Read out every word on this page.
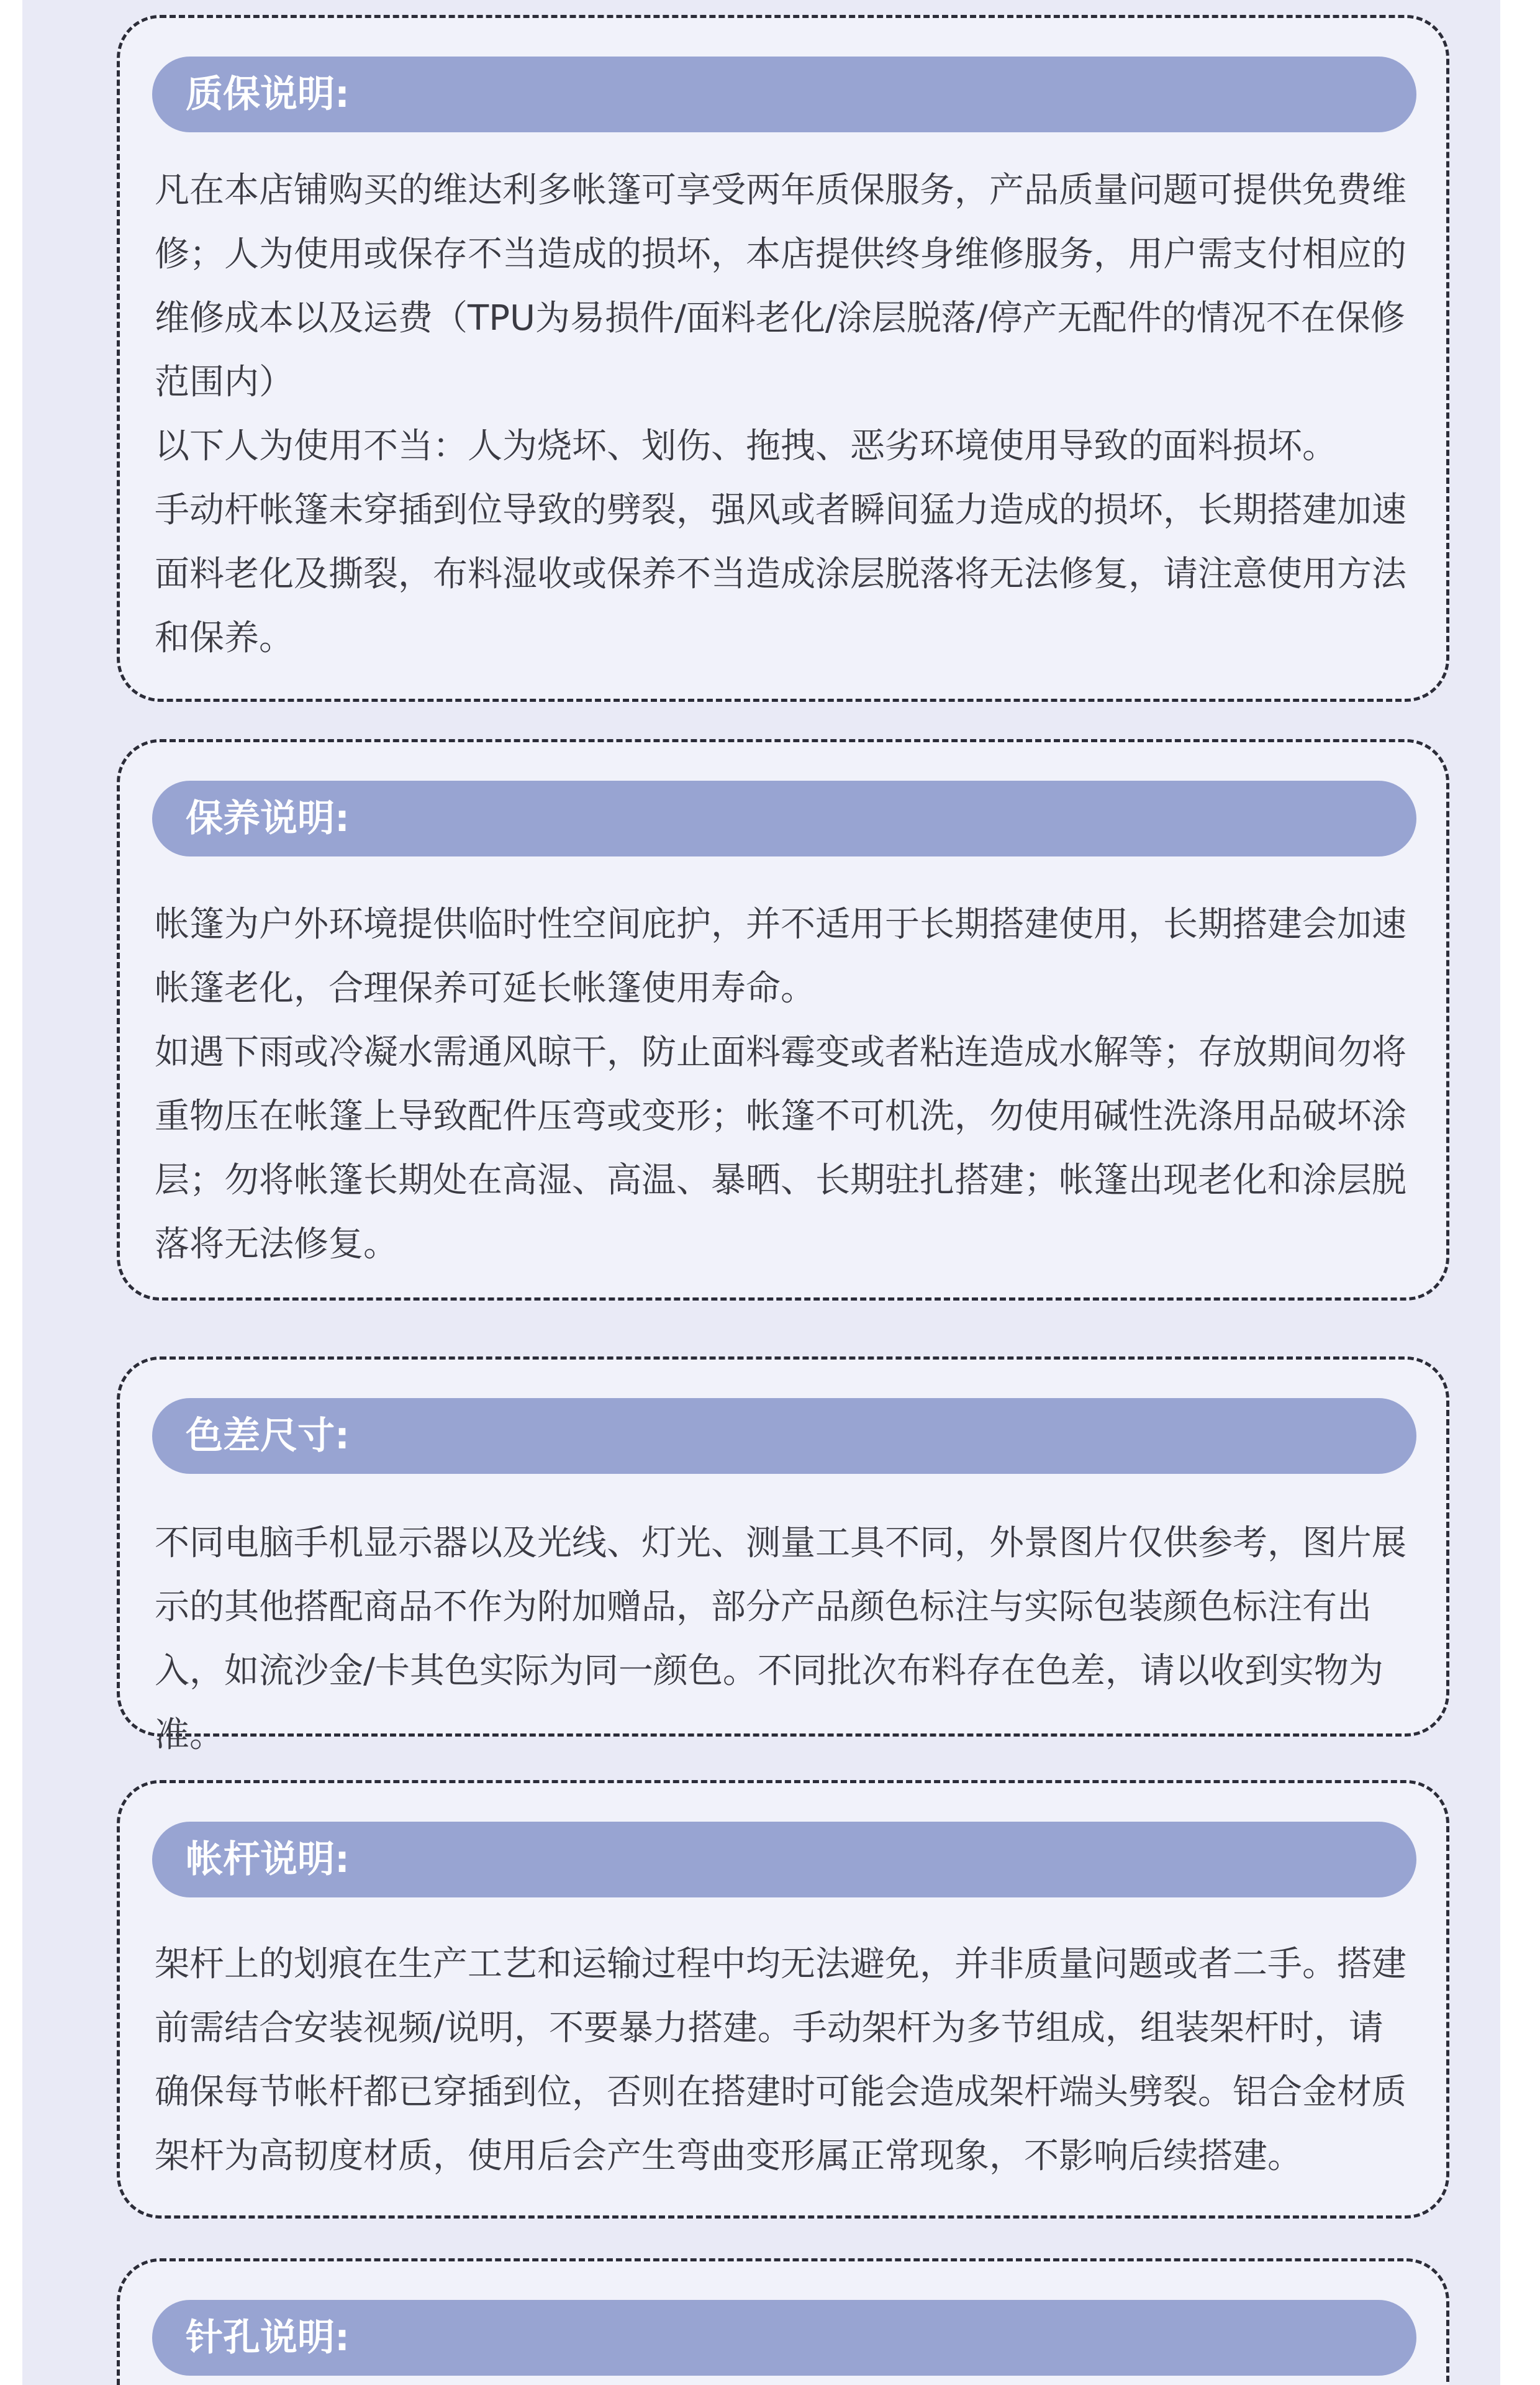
质保说明:

凡在本店铺购买的维达利多帐篷可享受两年质保服务，产品质量问题可提供免费维修；人为使用或保存不当造成的损坏，本店提供终身维修服务，用户需支付相应的维修成本以及运费（TPU为易损件/面料老化/涂层脱落/停产无配件的情况不在保修范围内）

以下人为使用不当：人为烧坏、划伤、拖拽、恶劣环境使用导致的面料损坏。

手动杆帐篷未穿插到位导致的劈裂，强风或者瞬间猛力造成的损坏，长期搭建加速面料老化及撕裂，布料湿收或保养不当造成涂层脱落将无法修复，请注意使用方法和保养。

保养说明:

帐篷为户外环境提供临时性空间庇护，并不适用于长期搭建使用，长期搭建会加速帐篷老化，合理保养可延长帐篷使用寿命。

如遇下雨或冷凝水需通风晾干，防止面料霉变或者粘连造成水解等；存放期间勿将重物压在帐篷上导致配件压弯或变形；帐篷不可机洗，勿使用碱性洗涤用品破坏涂层；勿将帐篷长期处在高湿、高温、暴晒、长期驻扎搭建；帐篷出现老化和涂层脱落将无法修复。

色差尺寸:

不同电脑手机显示器以及光线、灯光、测量工具不同，外景图片仅供参考，图片展示的其他搭配商品不作为附加赠品，部分产品颜色标注与实际包装颜色标注有出入，如流沙金/卡其色实际为同一颜色。不同批次布料存在色差，请以收到实物为准。

帐杆说明:

架杆上的划痕在生产工艺和运输过程中均无法避免，并非质量问题或者二手。搭建前需结合安装视频/说明，不要暴力搭建。手动架杆为多节组成，组装架杆时，请确保每节帐杆都已穿插到位，否则在搭建时可能会造成架杆端头劈裂。铝合金材质架杆为高韧度材质，使用后会产生弯曲变形属正常现象，不影响后续搭建。

针孔说明:
